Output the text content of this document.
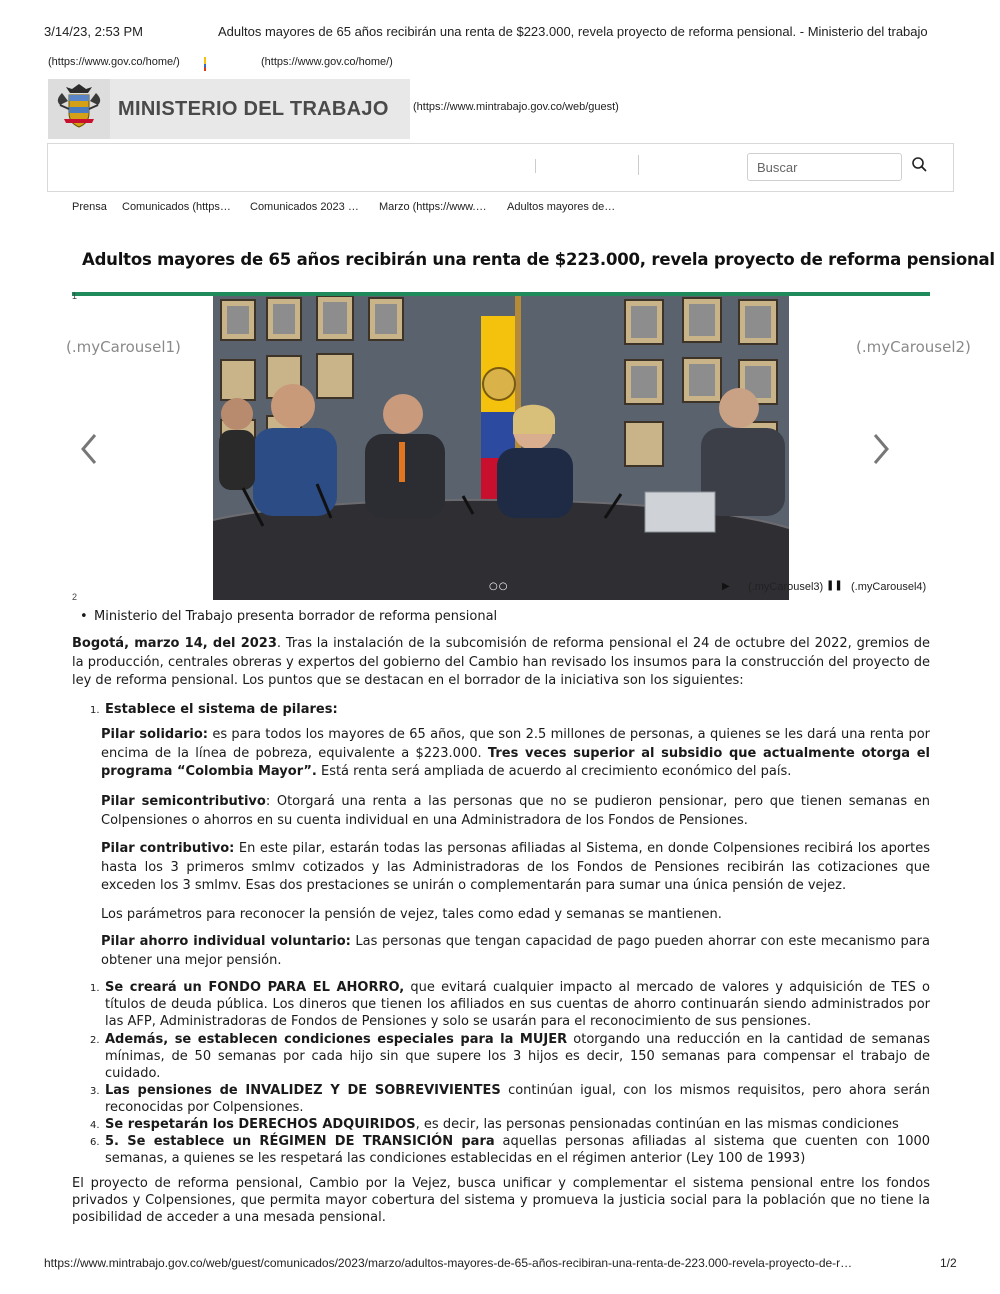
3/14/23, 2:53 PM	Adultos mayores de 65 años recibirán una renta de $223.000, revela proyecto de reforma pensional. - Ministerio del trabajo
(https://www.gov.co/home/)	(https://www.gov.co/home/)
MINISTERIO DEL TRABAJO (https://www.mintrabajo.gov.co/web/guest)
Buscar
Prensa Comunicados (https… Comunicados 2023 … Marzo (https://www.… Adultos mayores de…
Adultos mayores de 65 años recibirán una renta de $223.000, revela proyecto de reforma pensional
1
2
(.myCarousel1)	(.myCarousel2)
○○	▶ (.myCarousel3) ❚❚ (.myCarousel4)
• Ministerio del Trabajo presenta borrador de reforma pensional

Bogotá, marzo 14, del 2023. Tras la instalación de la subcomisión de reforma pensional el 24 de octubre del 2022, gremios de la producción, centrales obreras y expertos del gobierno del Cambio han revisado los insumos para la construcción del proyecto de ley de reforma pensional. Los puntos que se destacan en el borrador de la iniciativa son los siguientes:

1. Establece el sistema de pilares:

Pilar solidario: es para todos los mayores de 65 años, que son 2.5 millones de personas, a quienes se les dará una renta por encima de la línea de pobreza, equivalente a $223.000. Tres veces superior al subsidio que actualmente otorga el programa “Colombia Mayor”. Está renta será ampliada de acuerdo al crecimiento económico del país.

Pilar semicontributivo: Otorgará una renta a las personas que no se pudieron pensionar, pero que tienen semanas en Colpensiones o ahorros en su cuenta individual en una Administradora de los Fondos de Pensiones.

Pilar contributivo: En este pilar, estarán todas las personas afiliadas al Sistema, en donde Colpensiones recibirá los aportes hasta los 3 primeros smlmv cotizados y las Administradoras de los Fondos de Pensiones recibirán las cotizaciones que exceden los 3 smlmv. Esas dos prestaciones se unirán o complementarán para sumar una única pensión de vejez.

Los parámetros para reconocer la pensión de vejez, tales como edad y semanas se mantienen.

Pilar ahorro individual voluntario: Las personas que tengan capacidad de pago pueden ahorrar con este mecanismo para obtener una mejor pensión.

1. Se creará un FONDO PARA EL AHORRO, que evitará cualquier impacto al mercado de valores y adquisición de TES o títulos de deuda pública. Los dineros que tienen los afiliados en sus cuentas de ahorro continuarán siendo administrados por las AFP, Administradoras de Fondos de Pensiones y solo se usarán para el reconocimiento de sus pensiones.

2. Además, se establecen condiciones especiales para la MUJER otorgando una reducción en la cantidad de semanas mínimas, de 50 semanas por cada hijo sin que supere los 3 hijos es decir, 150 semanas para compensar el trabajo de cuidado.

3. Las pensiones de INVALIDEZ Y DE SOBREVIVIENTES continúan igual, con los mismos requisitos, pero ahora serán reconocidas por Colpensiones.

4. Se respetarán los DERECHOS ADQUIRIDOS, es decir, las personas pensionadas continúan en las mismas condiciones

6. 5. Se establece un RÉGIMEN DE TRANSICIÓN para aquellas personas afiliadas al sistema que cuenten con 1000 semanas, a quienes se les respetará las condiciones establecidas en el régimen anterior (Ley 100 de 1993)

El proyecto de reforma pensional, Cambio por la Vejez, busca unificar y complementar el sistema pensional entre los fondos privados y Colpensiones, que permita mayor cobertura del sistema y promueva la justicia social para la población que no tiene la posibilidad de acceder a una mesada pensional.

https://www.mintrabajo.gov.co/web/guest/comunicados/2023/marzo/adultos-mayores-de-65-años-recibiran-una-renta-de-223.000-revela-proyecto-de-r…	1/2
